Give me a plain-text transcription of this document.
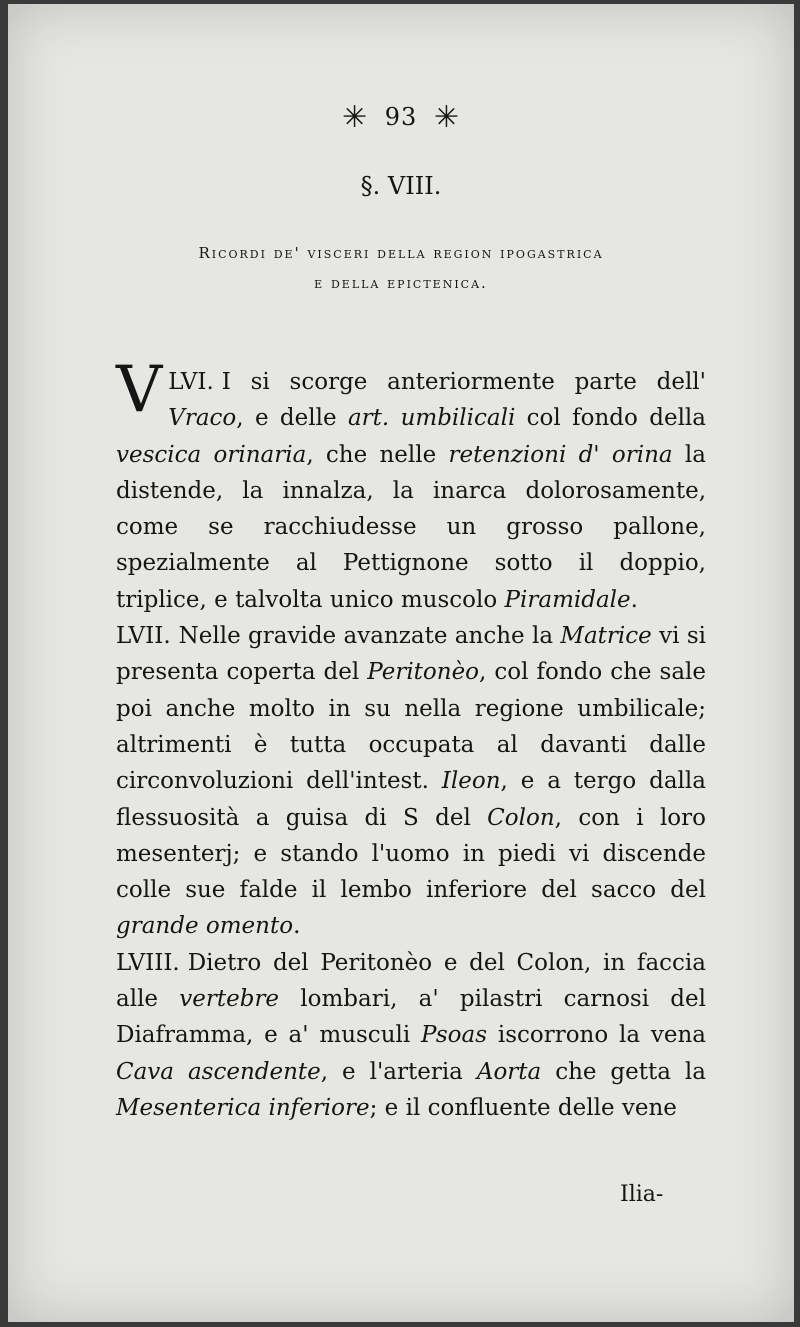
✳ 93 ✳
§. VIII.
Ricordi de' visceri della region ipogastrica
e della epictenica.

LVI.
V	I si scorge anteriormente parte dell' Vraco, e delle art. umbilicali col fondo della vescica orinaria, che nelle retenzioni d' orina la distende, la innalza, la inarca dolorosamente, come se racchiudesse un grosso pallone, spezialmente al Pettignone sotto il doppio, triplice, e talvolta unico muscolo Piramidale.

LVII. Nelle gravide avanzate anche la Matrice vi si presenta coperta del Peritonèo, col fondo che sale poi anche molto in su nella regione umbilicale; altrimenti è tutta occupata al davanti dalle circonvoluzioni dell'intest. Ileon, e a tergo dalla flessuosità a guisa di S del Colon, con i loro mesenterj; e stando l'uomo in piedi vi discende colle sue falde il lembo inferiore del sacco del grande omento.

LVIII. Dietro del Peritonèo e del Colon, in faccia alle vertebre lombari, a' pilastri carnosi del Diaframma, e a' musculi Psoas iscorrono la vena Cava ascendente, e l'arteria Aorta che getta la Mesenterica inferiore; e il confluente delle vene

Ilia-
